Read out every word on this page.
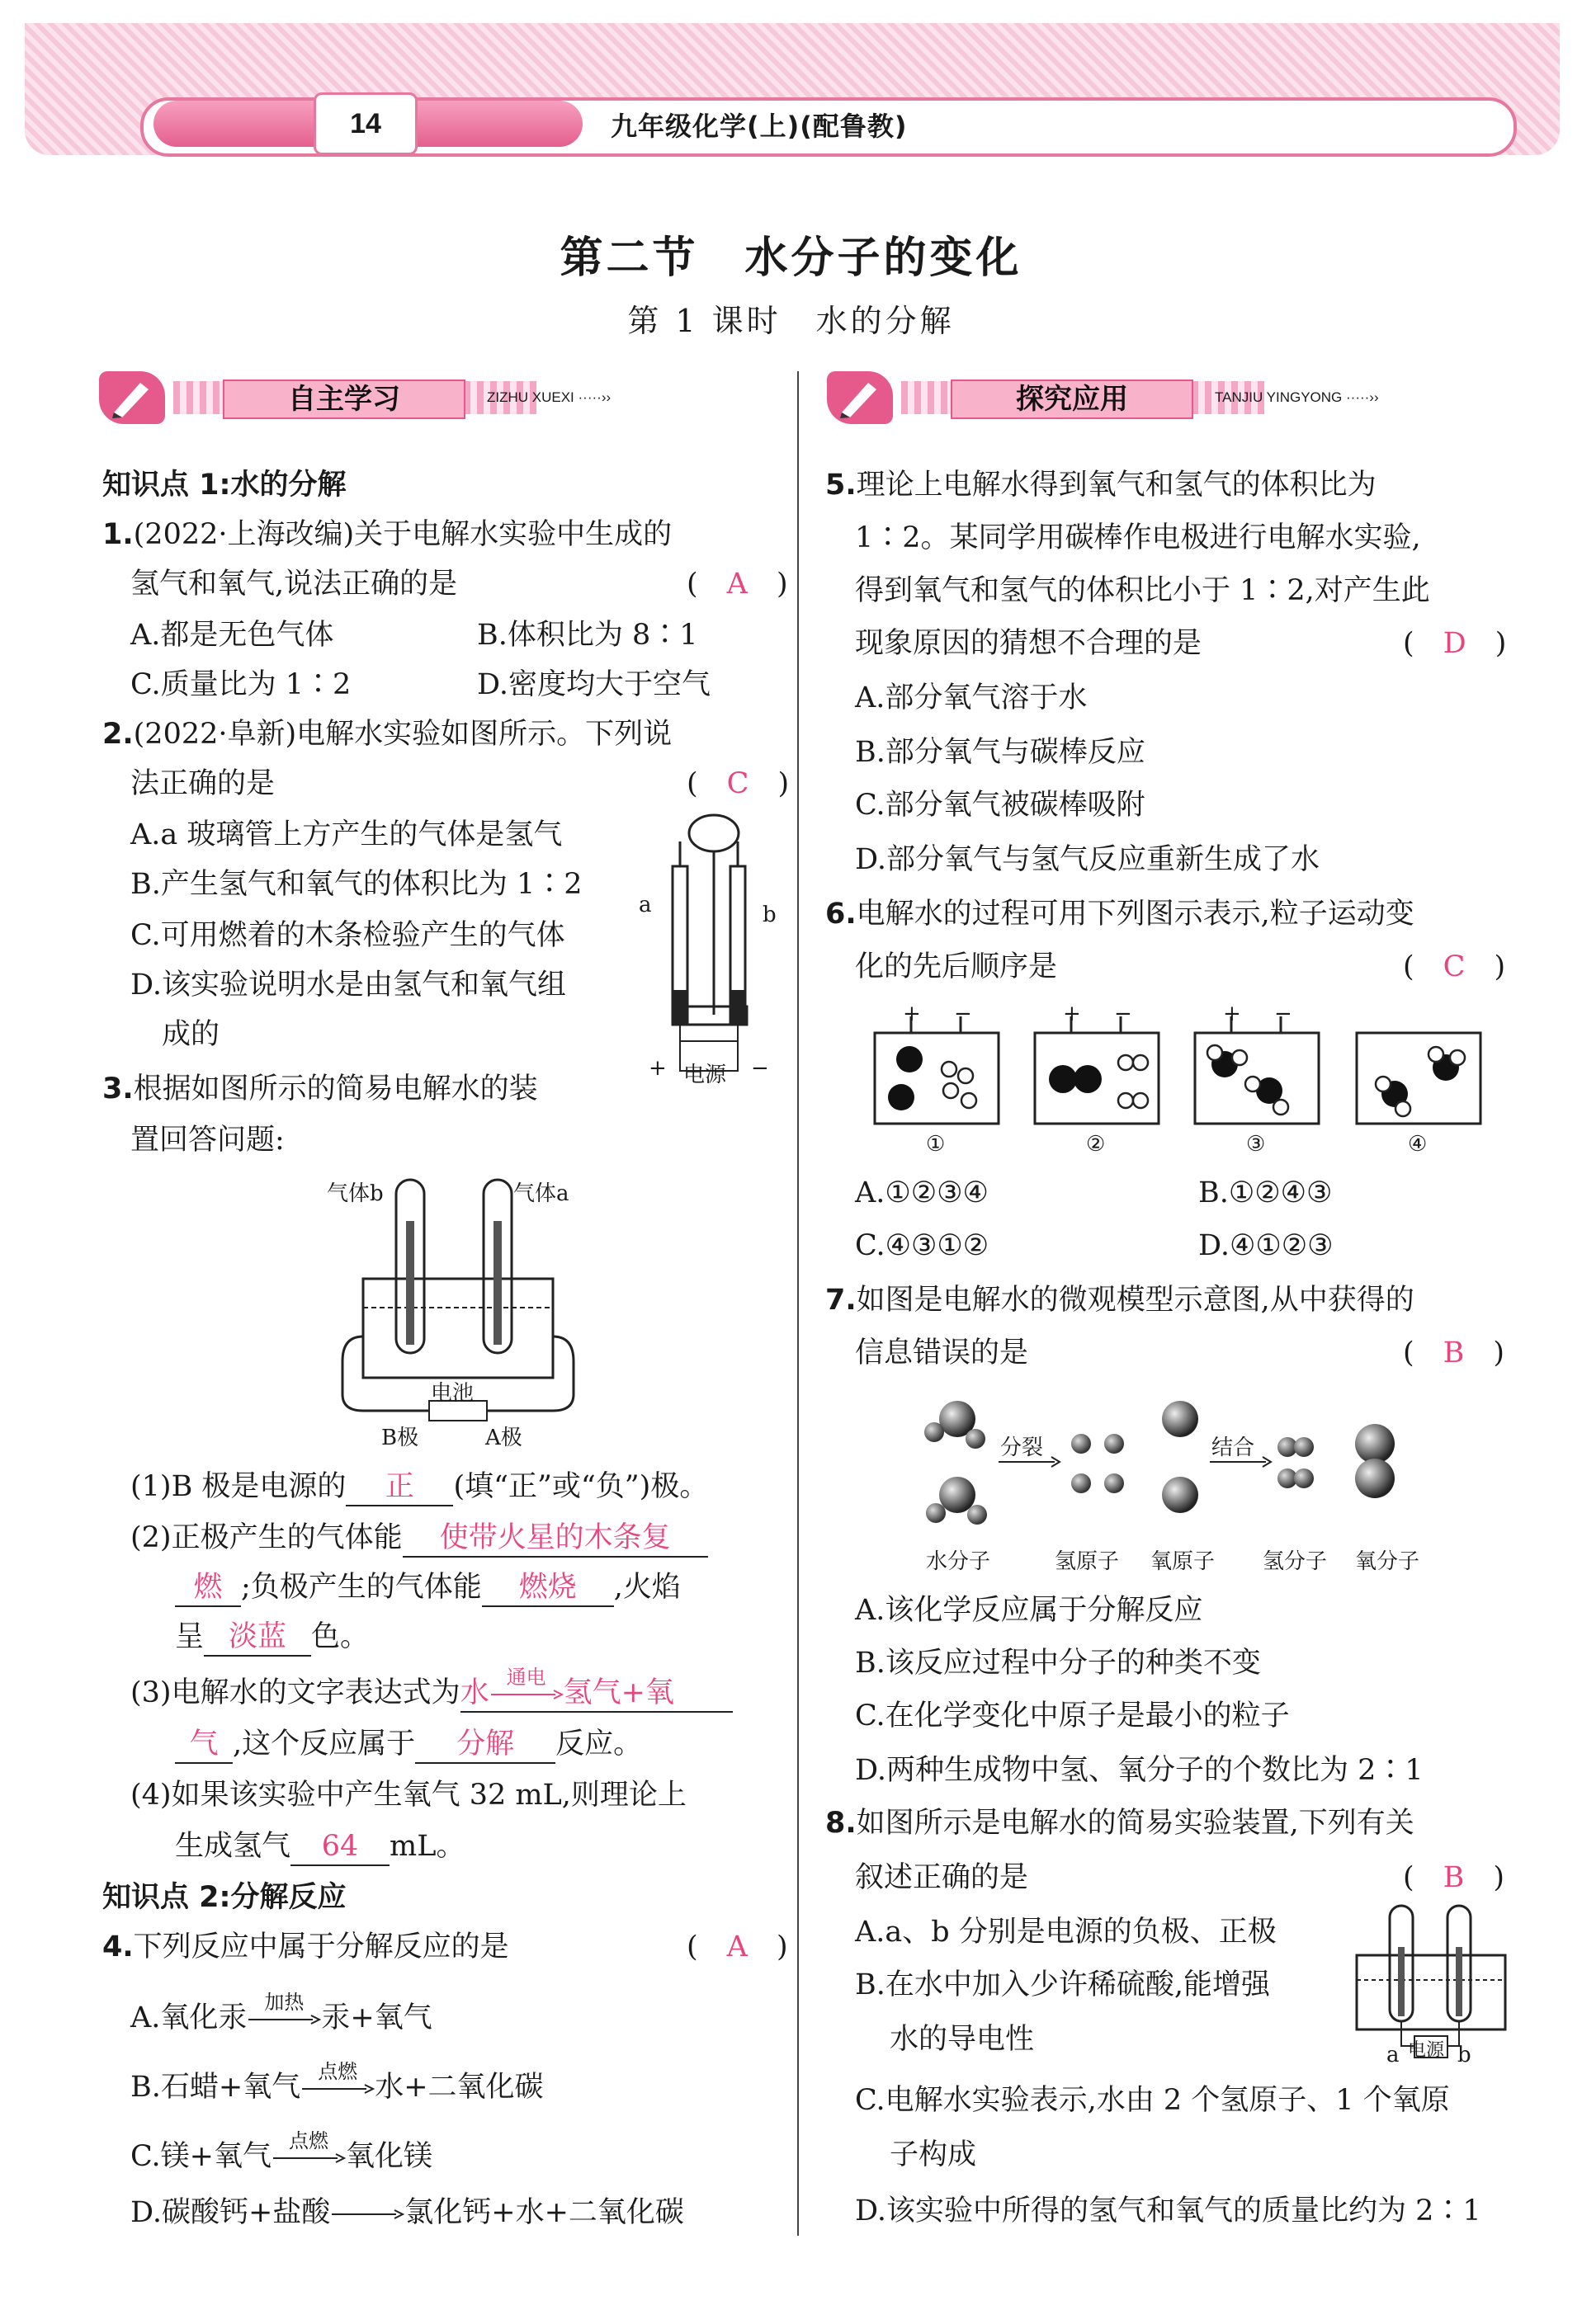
14	九年级化学(上)(配鲁教)
第二节　水分子的变化
第 1 课时　水的分解
自主学习	ZIZHU XUEXI ·····››	探究应用	TANJIU YINGYONG ·····››
知识点 1:水的分解
1.(2022·上海改编)关于电解水实验中生成的
氢气和氧气,说法正确的是	(　A　)
A.都是无色气体	B.体积比为 8∶1
C.质量比为 1∶2	D.密度均大于空气
2.(2022·阜新)电解水实验如图所示。下列说
法正确的是	(　C　)
A.a 玻璃管上方产生的气体是氢气
B.产生氢气和氧气的体积比为 1∶2
C.可用燃着的木条检验产生的气体
D.该实验说明水是由氢气和氧气组
成的
a	b
+	−
电源
3.根据如图所示的简易电解水的装
置回答问题:
气体b	气体a
电池
B极	A极
(1)B 极是电源的 正 (填“正”或“负”)极。
(2)正极产生的气体能 使带火星的木条复
燃 ;负极产生的气体能 燃烧 ,火焰
呈 淡蓝 色。
(3)电解水的文字表达式为水 通电 氢气+氧
气 ,这个反应属于 分解 反应。
(4)如果该实验中产生氧气 32 mL,则理论上
生成氢气 64 mL。
知识点 2:分解反应
4.下列反应中属于分解反应的是	(　A　)
A.氧化汞 加热 汞+氧气
B.石蜡+氧气 点燃 水+二氧化碳
C.镁+氧气 点燃 氧化镁
D.碳酸钙+盐酸	氯化钙+水+二氧化碳
5.理论上电解水得到氧气和氢气的体积比为
1∶2。某同学用碳棒作电极进行电解水实验,
得到氧气和氢气的体积比小于 1∶2,对产生此
现象原因的猜想不合理的是	(　D　)
A.部分氧气溶于水
B.部分氧气与碳棒反应
C.部分氧气被碳棒吸附
D.部分氧气与氢气反应重新生成了水
6.电解水的过程可用下列图示表示,粒子运动变
化的先后顺序是	(　C　)
+ −	+ −	+ −
①	②	③	④
A.①②③④	B.①②④③
C.④③①②	D.④①②③
7.如图是电解水的微观模型示意图,从中获得的
信息错误的是	(　B　)
分裂	结合
水分子	氢原子 氧原子 氢分子 氧分子
A.该化学反应属于分解反应
B.该反应过程中分子的种类不变
C.在化学变化中原子是最小的粒子
D.两种生成物中氢、氧分子的个数比为 2∶1
8.如图所示是电解水的简易实验装置,下列有关
叙述正确的是	(　B　)
A.a、b 分别是电源的负极、正极
B.在水中加入少许稀硫酸,能增强
水的导电性	a	b
电源
C.电解水实验表示,水由 2 个氢原子、1 个氧原
子构成
D.该实验中所得的氢气和氧气的质量比约为 2∶1
